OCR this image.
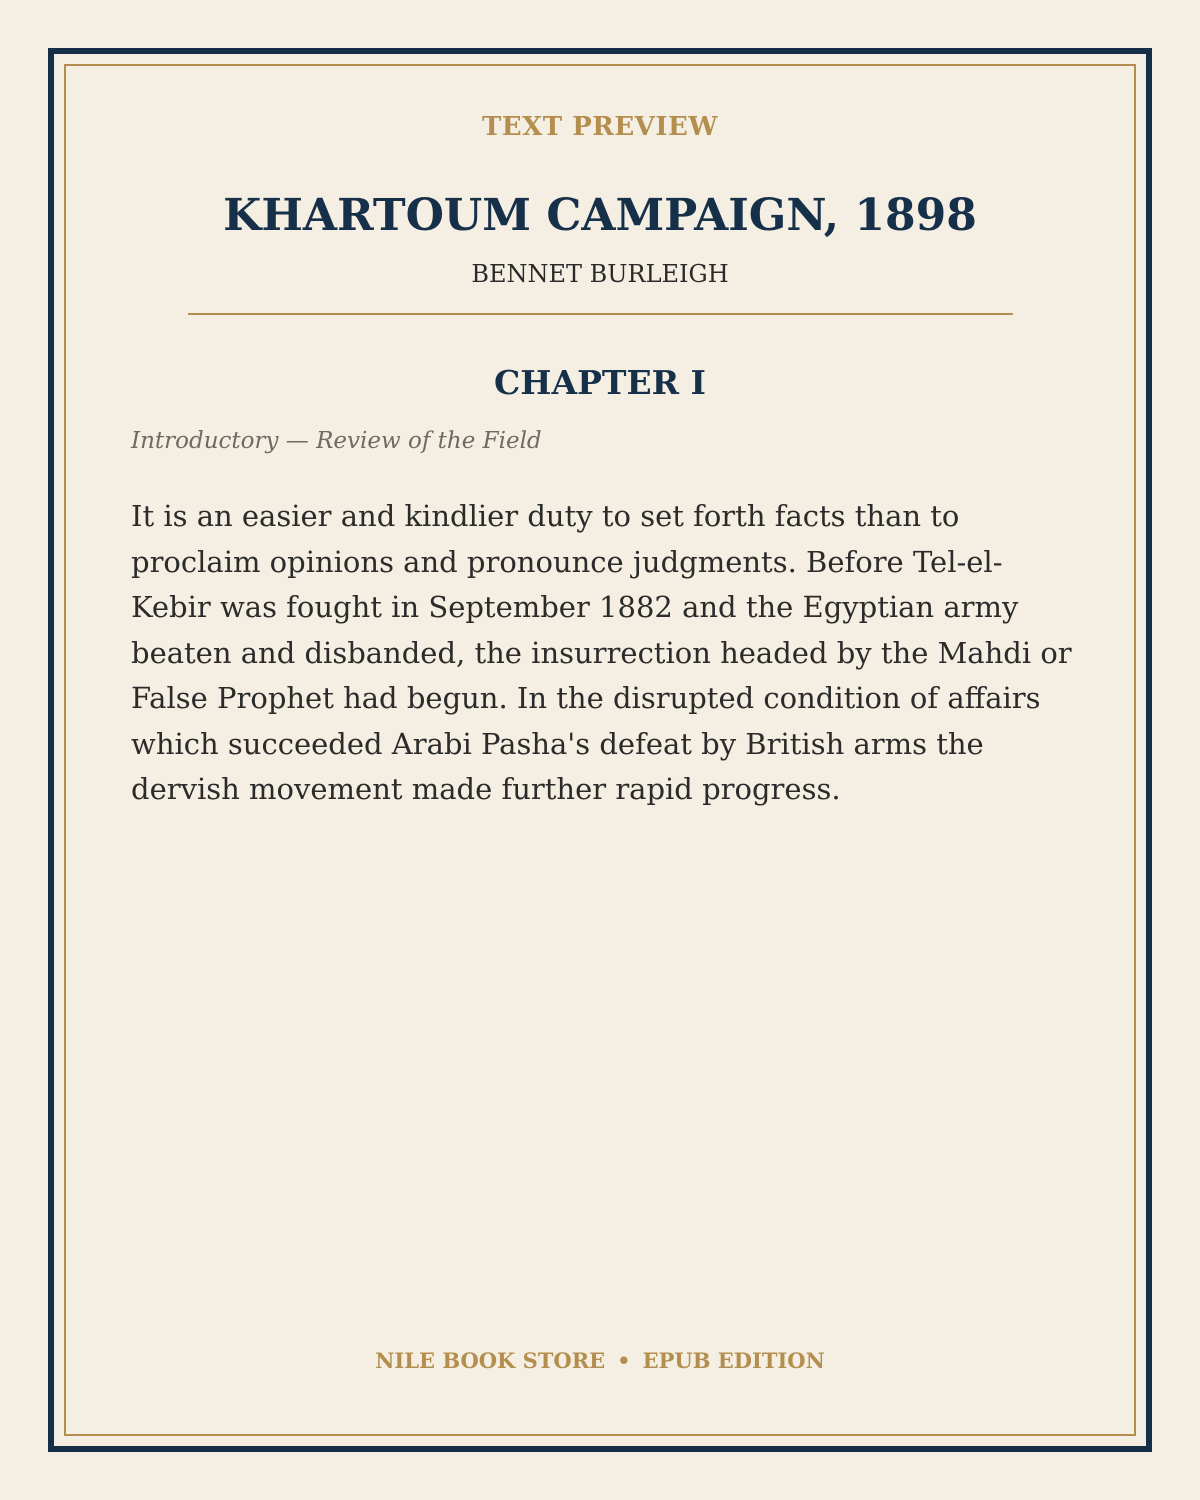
TEXT PREVIEW
KHARTOUM CAMPAIGN, 1898
BENNET BURLEIGH
CHAPTER I
Introductory — Review of the Field

It is an easier and kindlier duty to set forth facts than to proclaim opinions and pronounce judgments. Before Tel-el-Kebir was fought in September 1882 and the Egyptian army beaten and disbanded, the insurrection headed by the Mahdi or False Prophet had begun. In the disrupted condition of affairs which succeeded Arabi Pasha's defeat by British arms the dervish movement made further rapid progress.

NILE BOOK STORE • EPUB EDITION
